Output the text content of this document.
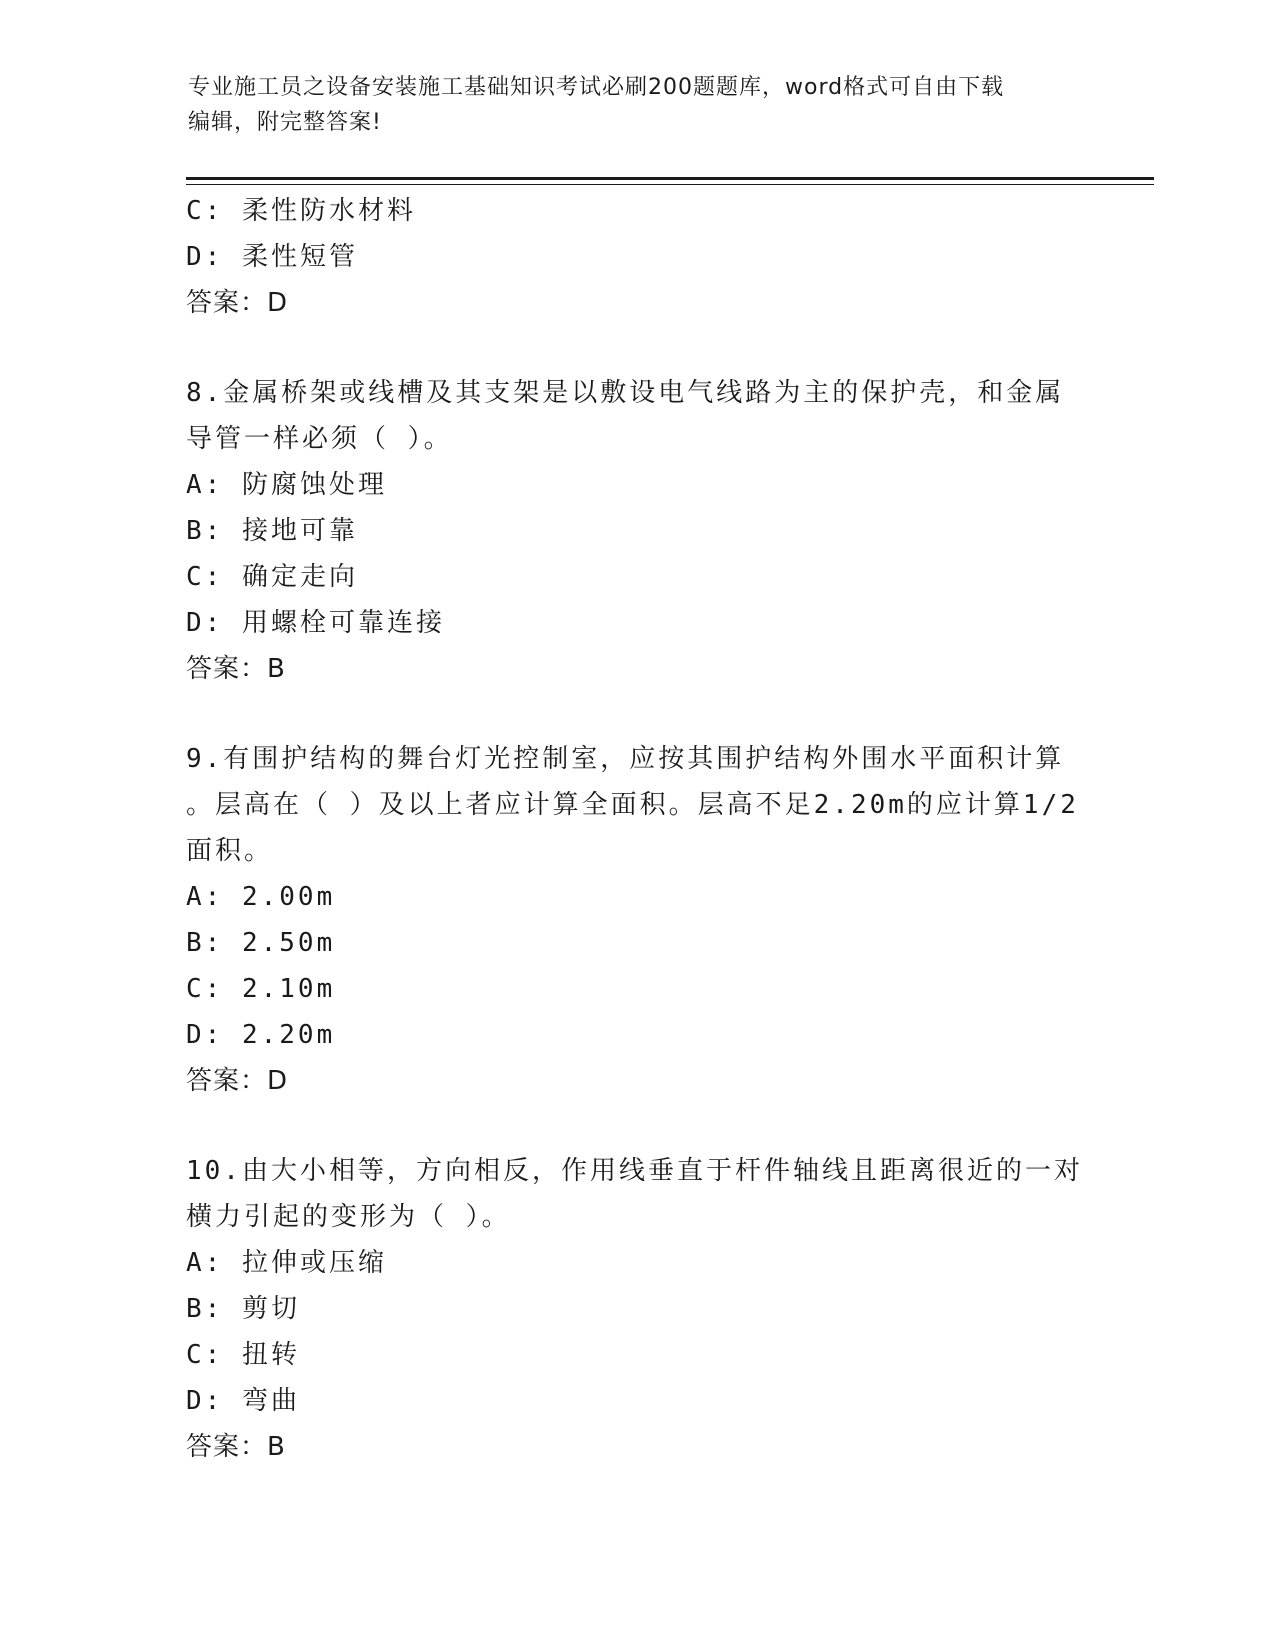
专业施工员之设备安装施工基础知识考试必刷200题题库，word格式可自由下载
编辑，附完整答案!
C: 柔性防水材料
D: 柔性短管
答案：D
8.金属桥架或线槽及其支架是以敷设电气线路为主的保护壳，和金属
导管一样必须（ ）。
A: 防腐蚀处理
B: 接地可靠
C: 确定走向
D: 用螺栓可靠连接
答案：B
9.有围护结构的舞台灯光控制室，应按其围护结构外围水平面积计算
。层高在（ ）及以上者应计算全面积。层高不足2.20m的应计算1/2
面积。
A: 2.00m
B: 2.50m
C: 2.10m
D: 2.20m
答案：D
10.由大小相等，方向相反，作用线垂直于杆件轴线且距离很近的一对
横力引起的变形为（ ）。
A: 拉伸或压缩
B: 剪切
C: 扭转
D: 弯曲
答案：B
